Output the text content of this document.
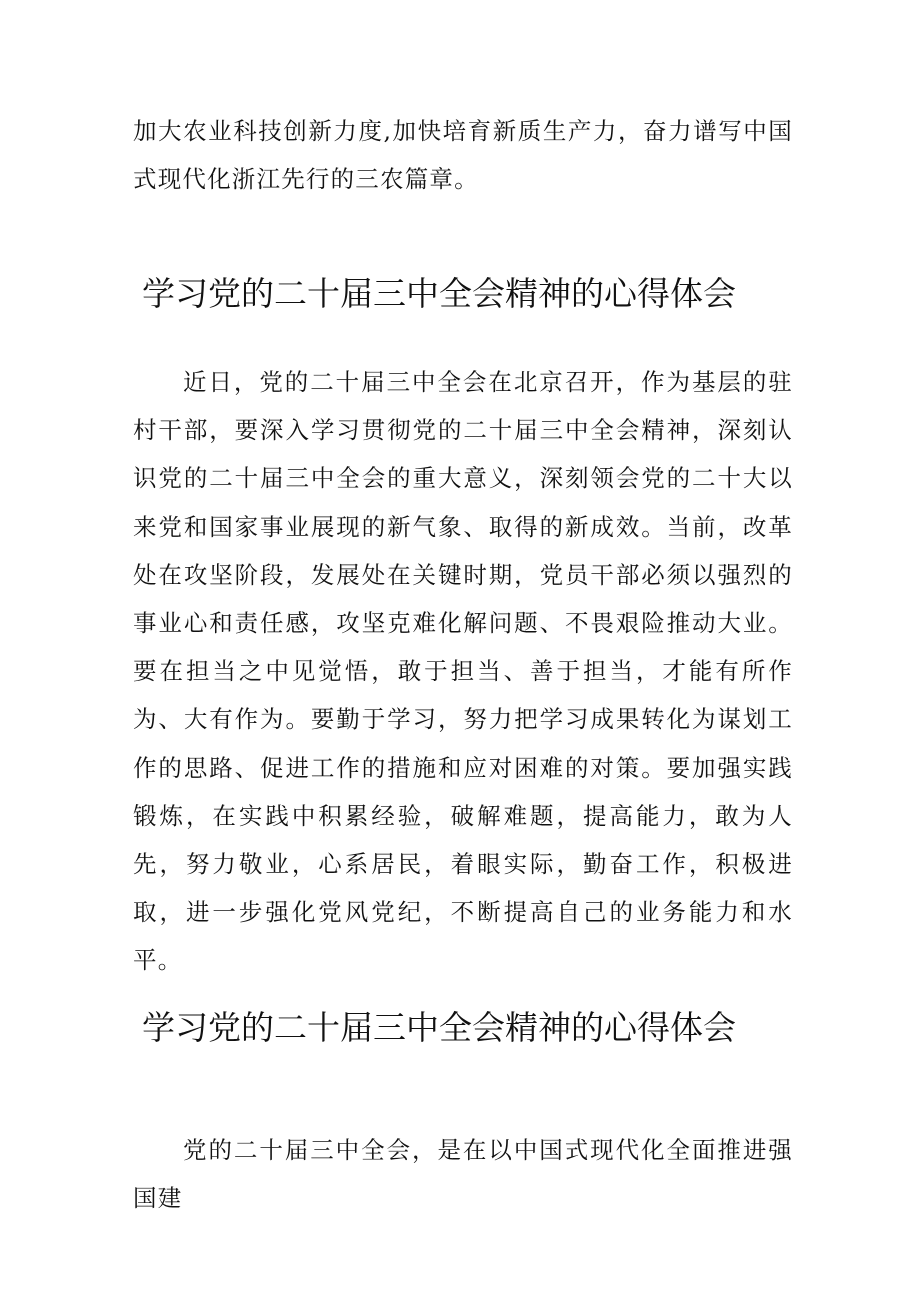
加大农业科技创新力度,加快培育新质生产力，奋力谱写中国式现代化浙江先行的三农篇章。

学习党的二十届三中全会精神的心得体会

近日，党的二十届三中全会在北京召开，作为基层的驻村干部，要深入学习贯彻党的二十届三中全会精神，深刻认识党的二十届三中全会的重大意义，深刻领会党的二十大以来党和国家事业展现的新气象、取得的新成效。当前，改革处在攻坚阶段，发展处在关键时期，党员干部必须以强烈的事业心和责任感，攻坚克难化解问题、不畏艰险推动大业。要在担当之中见觉悟，敢于担当、善于担当，才能有所作为、大有作为。要勤于学习，努力把学习成果转化为谋划工作的思路、促进工作的措施和应对困难的对策。要加强实践锻炼，在实践中积累经验，破解难题，提高能力，敢为人先，努力敬业，心系居民，着眼实际，勤奋工作，积极进取，进一步强化党风党纪，不断提高自己的业务能力和水平。

学习党的二十届三中全会精神的心得体会

党的二十届三中全会，是在以中国式现代化全面推进强国建
